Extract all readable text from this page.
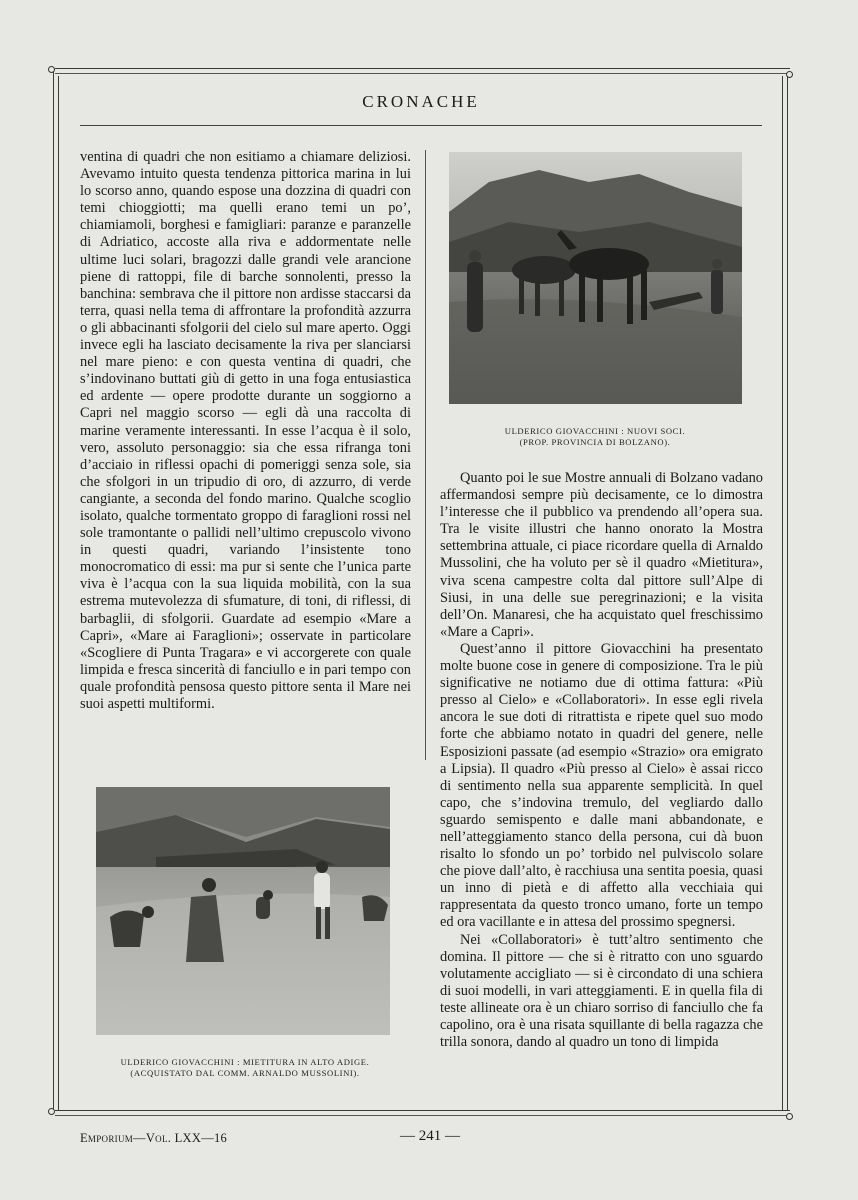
CRONACHE

ventina di quadri che non esitiamo a chiamare deliziosi. Avevamo intuito questa tendenza pittorica marina in lui lo scorso anno, quando espose una dozzina di quadri con temi chioggiotti; ma quelli erano temi un po’, chiamiamoli, borghesi e famigliari: paranze e paranzelle di Adriatico, accoste alla riva e addormentate nelle ultime luci solari, bragozzi dalle grandi vele arancione piene di rattoppi, file di barche sonnolenti, presso la banchina: sembrava che il pittore non ardisse staccarsi da terra, quasi nella tema di affrontare la profondità azzurra o gli abbacinanti sfolgorii del cielo sul mare aperto. Oggi invece egli ha lasciato decisamente la riva per slanciarsi nel mare pieno: e con questa ventina di quadri, che s’indovinano buttati giù di getto in una foga entusiastica ed ardente — opere prodotte durante un soggiorno a Capri nel maggio scorso — egli dà una raccolta di marine veramente interessanti. In esse l’acqua è il solo, vero, assoluto personaggio: sia che essa rifranga toni d’acciaio in riflessi opachi di pomeriggi senza sole, sia che sfolgori in un tripudio di oro, di azzurro, di verde cangiante, a seconda del fondo marino. Qualche scoglio isolato, qualche tormentato groppo di faraglioni rossi nel sole tramontante o pallidi nell’ultimo crepuscolo vivono in questi quadri, variando l’insistente tono monocromatico di essi: ma pur si sente che l’unica parte viva è l’acqua con la sua liquida mobilità, con la sua estrema mutevolezza di sfumature, di toni, di riflessi, di barbaglii, di sfolgorii. Guardate ad esempio «Mare a Capri», «Mare ai Faraglioni»; osservate in particolare «Scogliere di Punta Tragara» e vi accorgerete con quale limpida e fresca sincerità di fanciullo e in pari tempo con quale profondità pensosa questo pittore senta il Mare nei suoi aspetti multiformi.

ULDERICO GIOVACCHINI : NUOVI SOCI.
(PROP. PROVINCIA DI BOLZANO).

Quanto poi le sue Mostre annuali di Bolzano vadano affermandosi sempre più decisamente, ce lo dimostra l’interesse che il pubblico va prendendo all’opera sua. Tra le visite illustri che hanno onorato la Mostra settembrina attuale, ci piace ricordare quella di Arnaldo Mussolini, che ha voluto per sè il quadro «Mietitura», viva scena campestre colta dal pittore sull’Alpe di Siusi, in una delle sue peregrinazioni; e la visita dell’On. Manaresi, che ha acquistato quel freschissimo «Mare a Capri».

Quest’anno il pittore Giovacchini ha presentato molte buone cose in genere di composizione. Tra le più significative ne notiamo due di ottima fattura: «Più presso al Cielo» e «Collaboratori». In esse egli rivela ancora le sue doti di ritrattista e ripete quel suo modo forte che abbiamo notato in quadri del genere, nelle Esposizioni passate (ad esempio «Strazio» ora emigrato a Lipsia). Il quadro «Più presso al Cielo» è assai ricco di sentimento nella sua apparente semplicità. In quel capo, che s’indovina tremulo, del vegliardo dallo sguardo semispento e dalle mani abbandonate, e nell’atteggiamento stanco della persona, cui dà buon risalto lo sfondo un po’ torbido nel pulviscolo solare che piove dall’alto, è racchiusa una sentita poesia, quasi un inno di pietà e di affetto alla vecchiaia qui rappresentata da questo tronco umano, forte un tempo ed ora vacillante e in attesa del prossimo spegnersi.

Nei «Collaboratori» è tutt’altro sentimento che domina. Il pittore — che si è ritratto con uno sguardo volutamente accigliato — si è circondato di una schiera di suoi modelli, in vari atteggiamenti. E in quella fila di teste allineate ora è un chiaro sorriso di fanciullo che fa capolino, ora è una risata squillante di bella ragazza che trilla sonora, dando al quadro un tono di limpida

ULDERICO GIOVACCHINI : MIETITURA IN ALTO ADIGE.
(ACQUISTATO DAL COMM. ARNALDO MUSSOLINI).
Emporium—Vol. LXX—16	— 241 —
